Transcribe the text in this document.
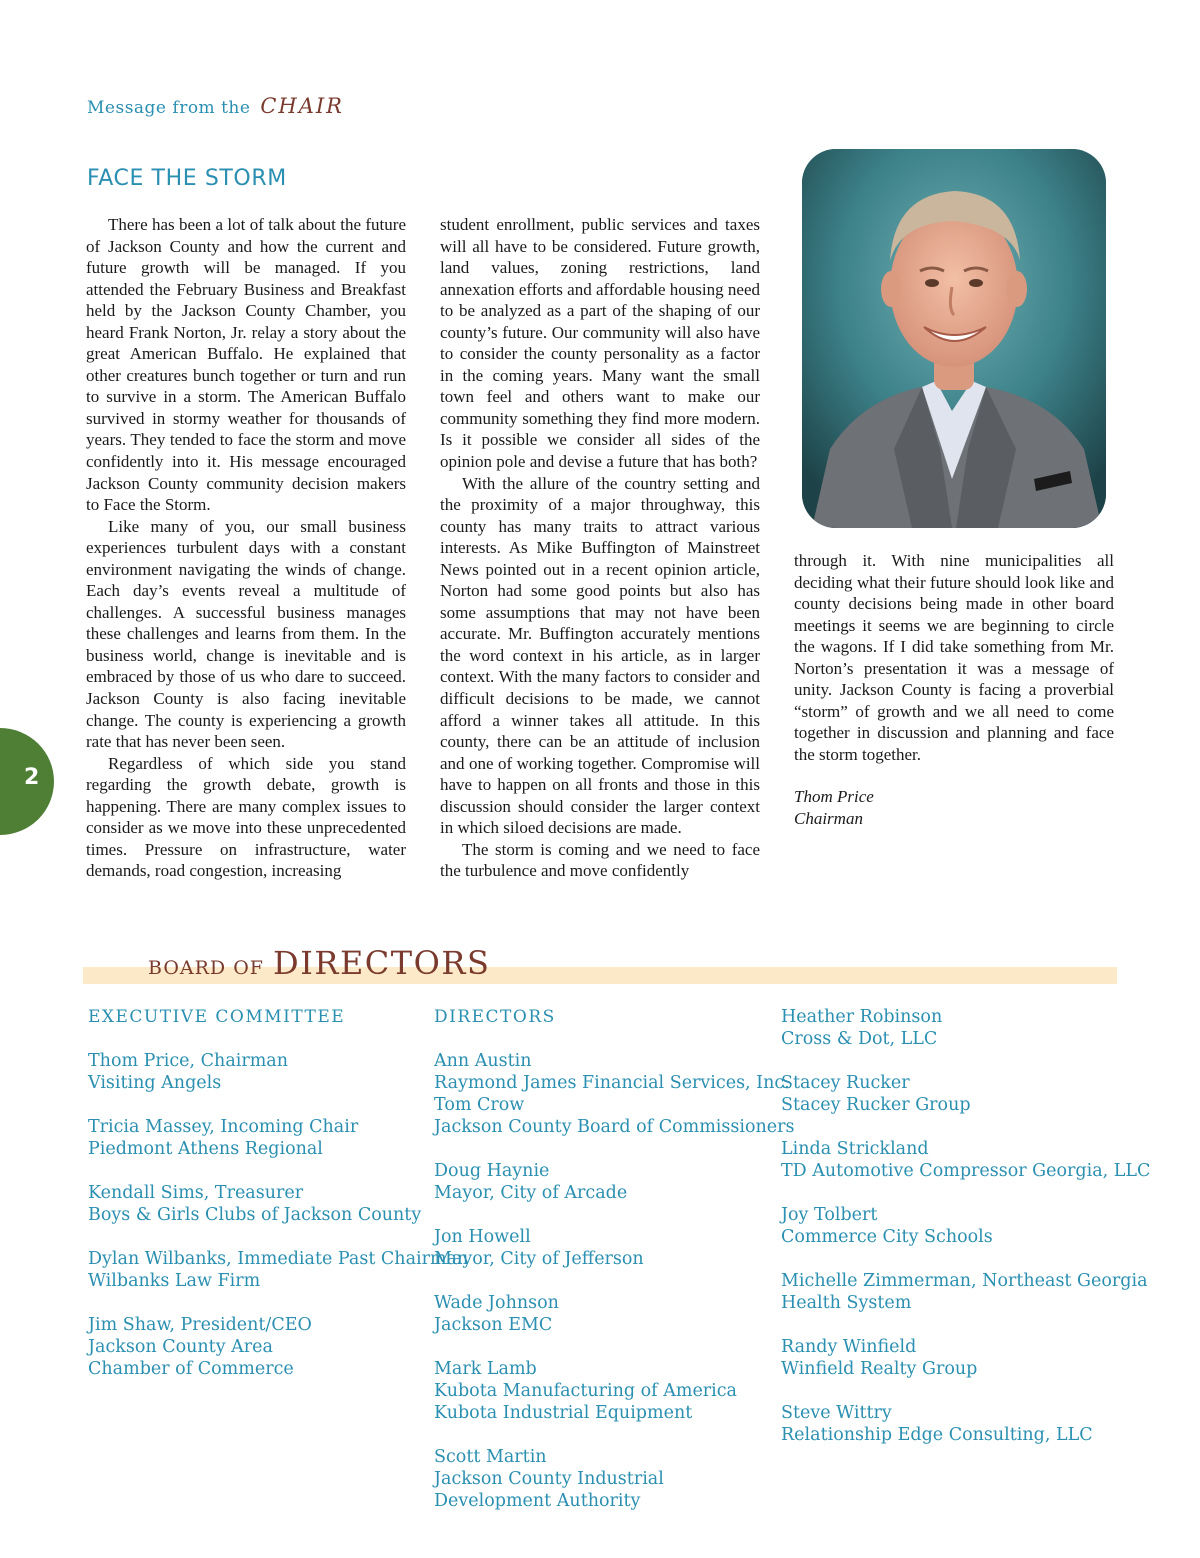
Message from the CHAIR
FACE THE STORM

There has been a lot of talk about the future of Jackson County and how the current and future growth will be managed. If you attended the February Business and Breakfast held by the Jackson County Chamber, you heard Frank Norton, Jr. relay a story about the great American Buffalo. He explained that other creatures bunch together or turn and run to survive in a storm. The American Buffalo survived in stormy weather for thousands of years. They tended to face the storm and move confidently into it. His message encouraged Jackson County community decision makers to Face the Storm.

Like many of you, our small business experiences turbulent days with a constant environment navigating the winds of change. Each day’s events reveal a multitude of challenges. A successful business manages these challenges and learns from them. In the business world, change is inevitable and is embraced by those of us who dare to succeed. Jackson County is also facing inevitable change. The county is experiencing a growth rate that has never been seen.

Regardless of which side you stand regarding the growth debate, growth is happening. There are many complex issues to consider as we move into these unprecedented times. Pressure on infrastructure, water demands, road congestion, increasing

student enrollment, public services and taxes will all have to be considered. Future growth, land values, zoning restrictions, land annexation efforts and affordable housing need to be analyzed as a part of the shaping of our county’s future. Our community will also have to consider the county personality as a factor in the coming years. Many want the small town feel and others want to make our community something they find more modern. Is it possible we consider all sides of the opinion pole and devise a future that has both?

With the allure of the country setting and the proximity of a major throughway, this county has many traits to attract various interests. As Mike Buffington of Mainstreet News pointed out in a recent opinion article, Norton had some good points but also has some assumptions that may not have been accurate. Mr. Buffington accurately mentions the word context in his article, as in larger context. With the many factors to consider and difficult decisions to be made, we cannot afford a winner takes all attitude. In this county, there can be an attitude of inclusion and one of working together. Compromise will have to happen on all fronts and those in this discussion should consider the larger context in which siloed decisions are made.

The storm is coming and we need to face the turbulence and move confidently

through it. With nine municipalities all deciding what their future should look like and county decisions being made in other board meetings it seems we are beginning to circle the wagons. If I did take something from Mr. Norton’s presentation it was a message of unity. Jackson County is facing a proverbial “storm” of growth and we all need to come together in discussion and planning and face the storm together.

Thom Price
Chairman
2
BOARD OF DIRECTORS
EXECUTIVE COMMITTEE
Thom Price, Chairman
Visiting Angels
Tricia Massey, Incoming Chair
Piedmont Athens Regional
Kendall Sims, Treasurer
Boys & Girls Clubs of Jackson County
Dylan Wilbanks, Immediate Past Chairman
Wilbanks Law Firm
Jim Shaw, President/CEO
Jackson County Area
Chamber of Commerce
DIRECTORS
Ann Austin
Raymond James Financial Services, Inc.
Tom Crow
Jackson County Board of Commissioners
Doug Haynie
Mayor, City of Arcade
Jon Howell
Mayor, City of Jefferson
Wade Johnson
Jackson EMC
Mark Lamb
Kubota Manufacturing of America
Kubota Industrial Equipment
Scott Martin
Jackson County Industrial
Development Authority
Heather Robinson
Cross & Dot, LLC
Stacey Rucker
Stacey Rucker Group
Linda Strickland
TD Automotive Compressor Georgia, LLC
Joy Tolbert
Commerce City Schools
Michelle Zimmerman, Northeast Georgia
Health System
Randy Winfield
Winfield Realty Group
Steve Wittry
Relationship Edge Consulting, LLC
